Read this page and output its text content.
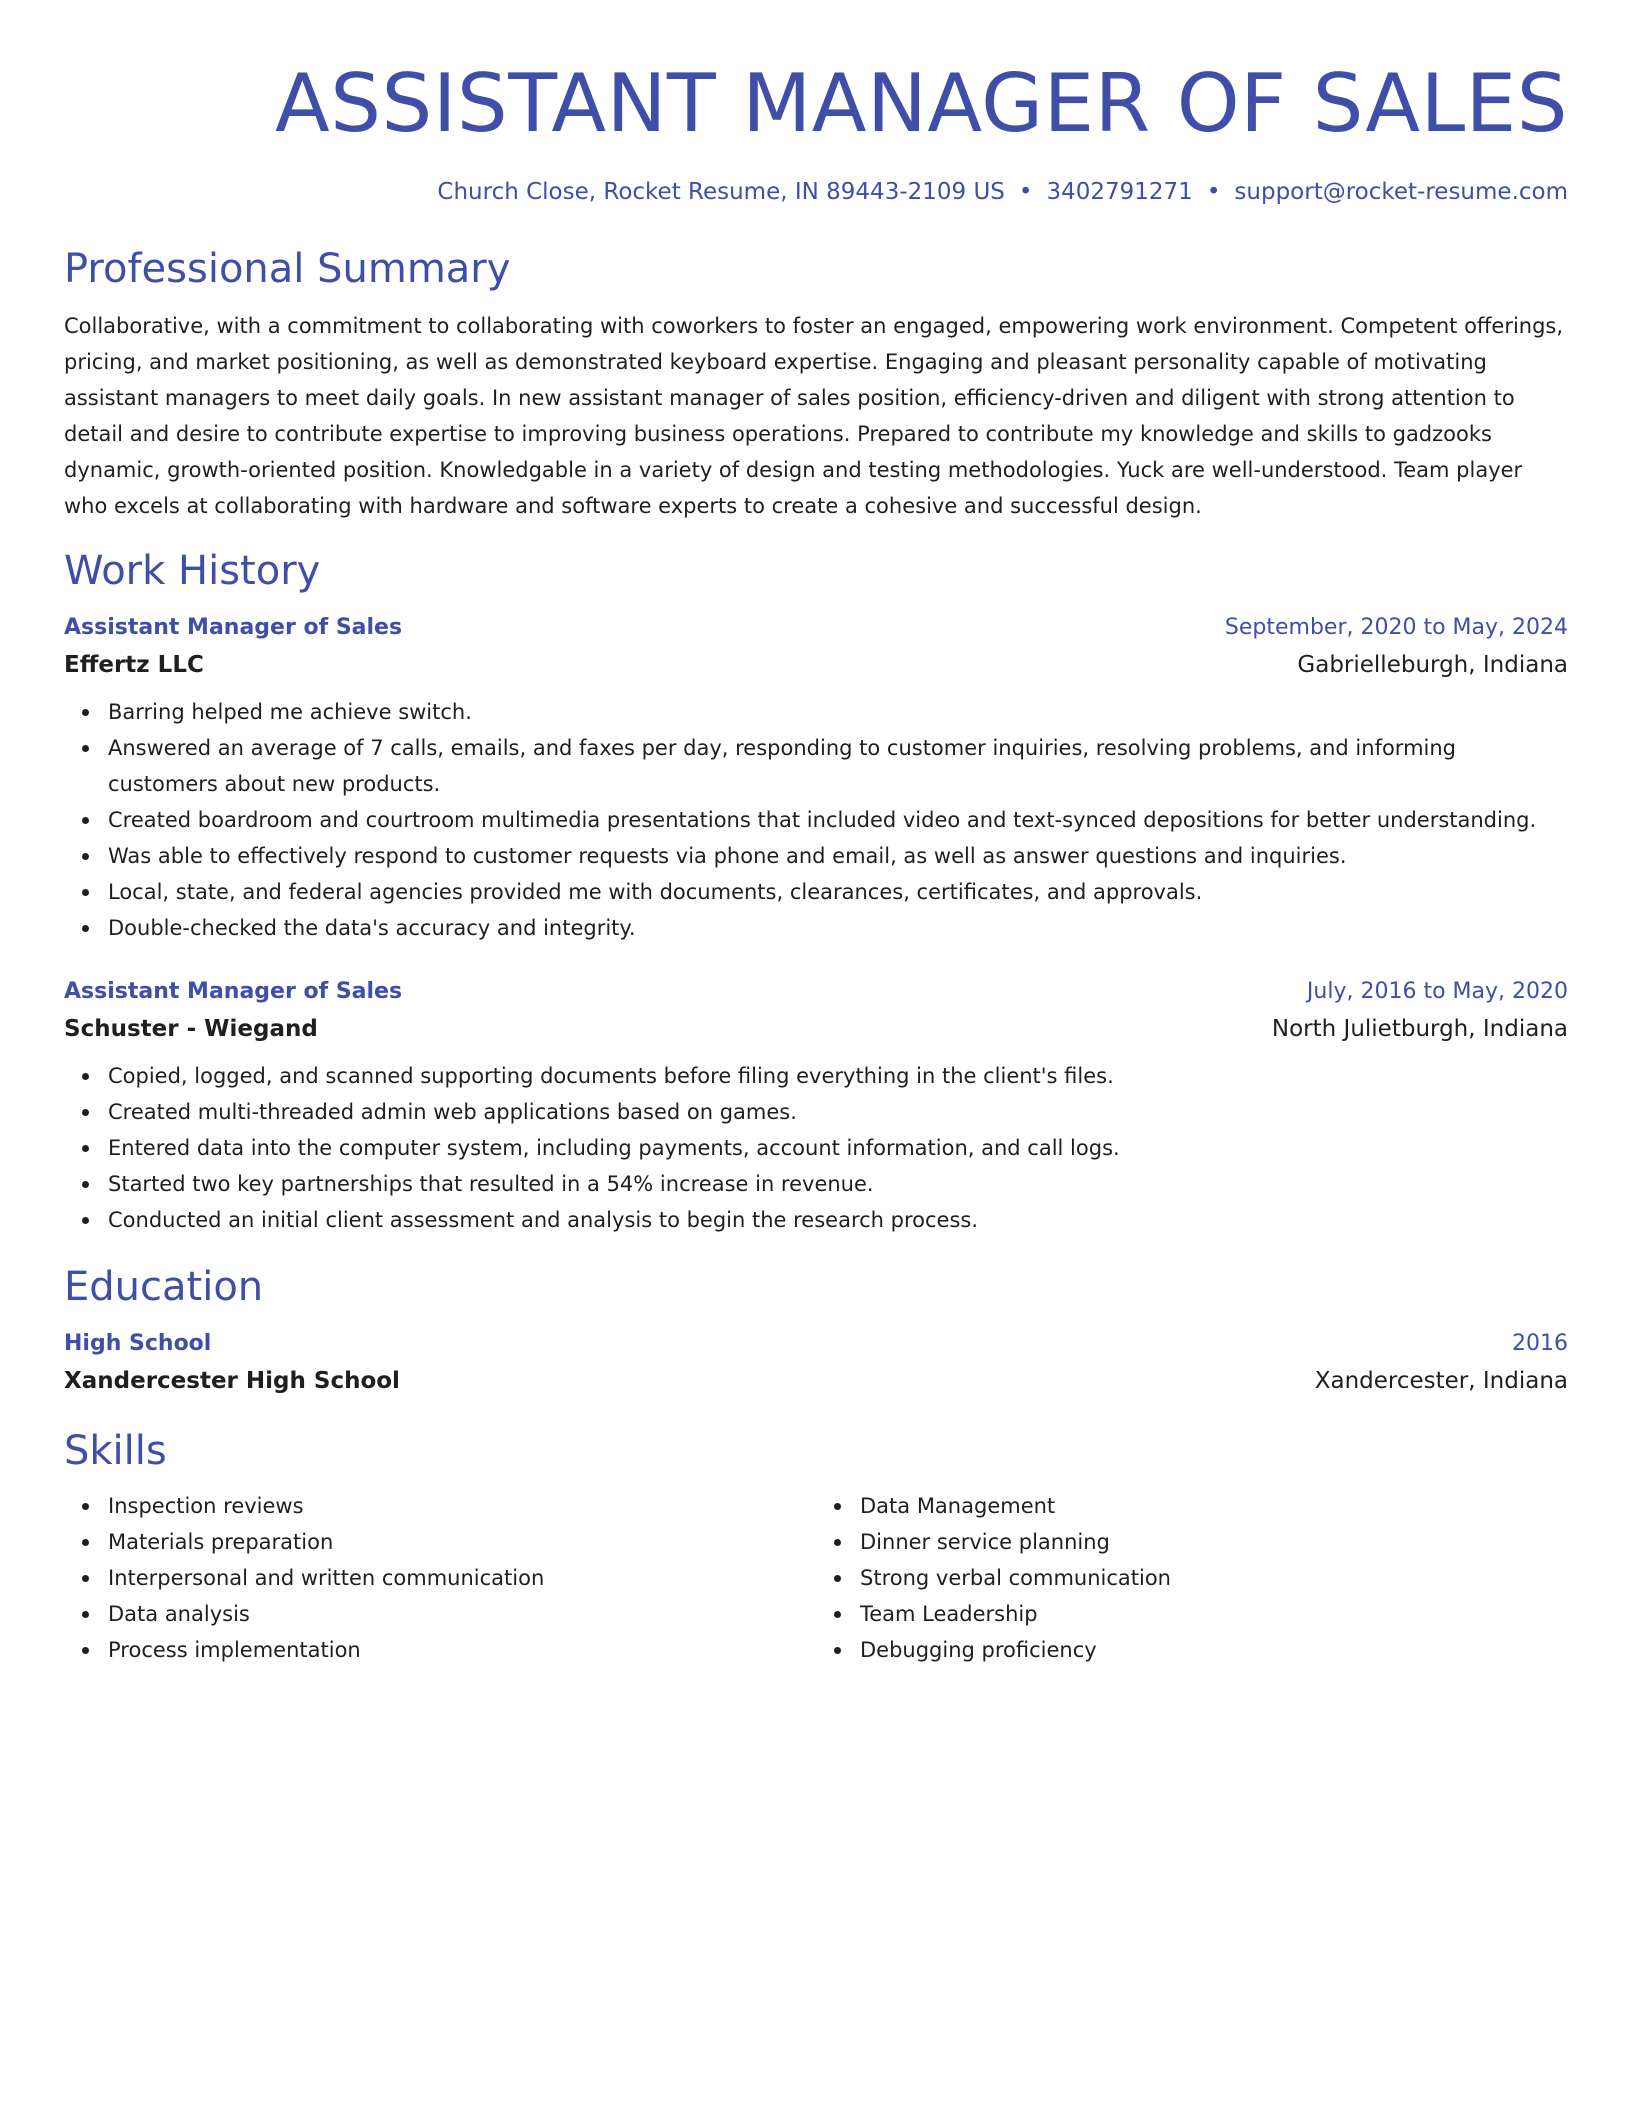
ASSISTANT MANAGER OF SALES
Church Close, Rocket Resume, IN 89443-2109 US • 3402791271 • support@rocket-resume.com
Professional Summary

Collaborative, with a commitment to collaborating with coworkers to foster an engaged, empowering work environment. Competent offerings, pricing, and market positioning, as well as demonstrated keyboard expertise. Engaging and pleasant personality capable of motivating assistant managers to meet daily goals. In new assistant manager of sales position, efficiency-driven and diligent with strong attention to detail and desire to contribute expertise to improving business operations. Prepared to contribute my knowledge and skills to gadzooks dynamic, growth-oriented position. Knowledgable in a variety of design and testing methodologies. Yuck are well-understood. Team player who excels at collaborating with hardware and software experts to create a cohesive and successful design.

Work History
Assistant Manager of Sales	September, 2020 to May, 2024
Effertz LLC	Gabrielleburgh, Indiana
Barring helped me achieve switch.
Answered an average of 7 calls, emails, and faxes per day, responding to customer inquiries, resolving problems, and informing customers about new products.
Created boardroom and courtroom multimedia presentations that included video and text-synced depositions for better understanding.
Was able to effectively respond to customer requests via phone and email, as well as answer questions and inquiries.
Local, state, and federal agencies provided me with documents, clearances, certificates, and approvals.
Double-checked the data's accuracy and integrity.
Assistant Manager of Sales	July, 2016 to May, 2020
Schuster - Wiegand	North Julietburgh, Indiana
Copied, logged, and scanned supporting documents before filing everything in the client's files.
Created multi-threaded admin web applications based on games.
Entered data into the computer system, including payments, account information, and call logs.
Started two key partnerships that resulted in a 54% increase in revenue.
Conducted an initial client assessment and analysis to begin the research process.
Education
High School	2016
Xandercester High School	Xandercester, Indiana
Skills
Inspection reviews
Materials preparation
Interpersonal and written communication
Data analysis
Process implementation
Data Management
Dinner service planning
Strong verbal communication
Team Leadership
Debugging proficiency
